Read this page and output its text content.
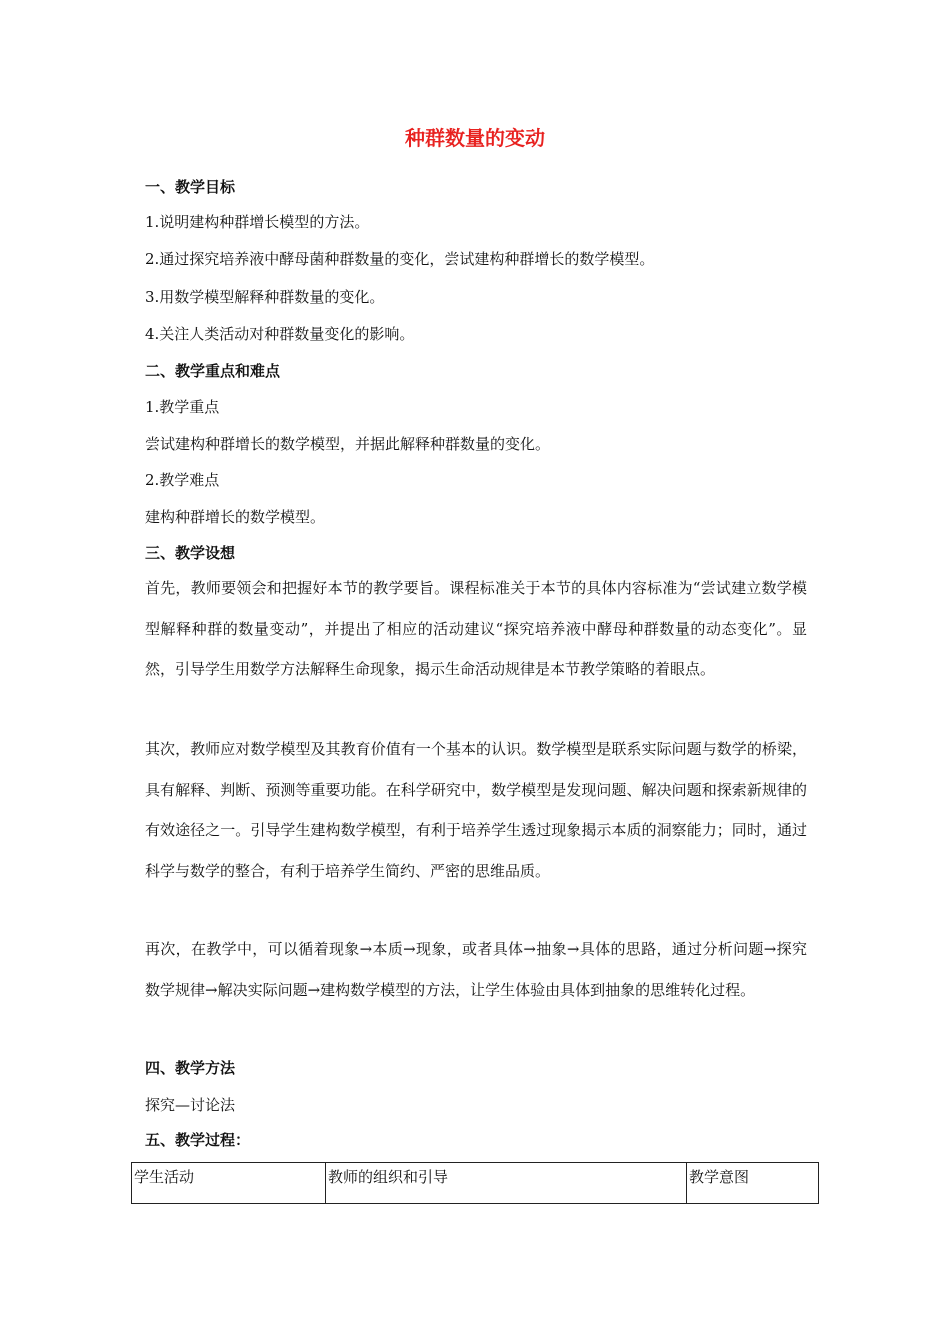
种群数量的变动
一、教学目标
1.说明建构种群增长模型的方法。
2.通过探究培养液中酵母菌种群数量的变化，尝试建构种群增长的数学模型。
3.用数学模型解释种群数量的变化。
4.关注人类活动对种群数量变化的影响。
二、教学重点和难点
1.教学重点
尝试建构种群增长的数学模型，并据此解释种群数量的变化。
2.教学难点
建构种群增长的数学模型。
三、教学设想
首先，教师要领会和把握好本节的教学要旨。课程标准关于本节的具体内容标准为“尝试建立数学模型解释种群的数量变动”，并提出了相应的活动建议“探究培养液中酵母种群数量的动态变化”。显然，引导学生用数学方法解释生命现象，揭示生命活动规律是本节教学策略的着眼点。
其次，教师应对数学模型及其教育价值有一个基本的认识。数学模型是联系实际问题与数学的桥梁，具有解释、判断、预测等重要功能。在科学研究中，数学模型是发现问题、解决问题和探索新规律的有效途径之一。引导学生建构数学模型，有利于培养学生透过现象揭示本质的洞察能力；同时，通过科学与数学的整合，有利于培养学生简约、严密的思维品质。
再次，在教学中，可以循着现象→本质→现象，或者具体→抽象→具体的思路，通过分析问题→探究数学规律→解决实际问题→建构数学模型的方法，让学生体验由具体到抽象的思维转化过程。
四、教学方法
探究—讨论法
五、教学过程：
学生活动	教师的组织和引导	教学意图
